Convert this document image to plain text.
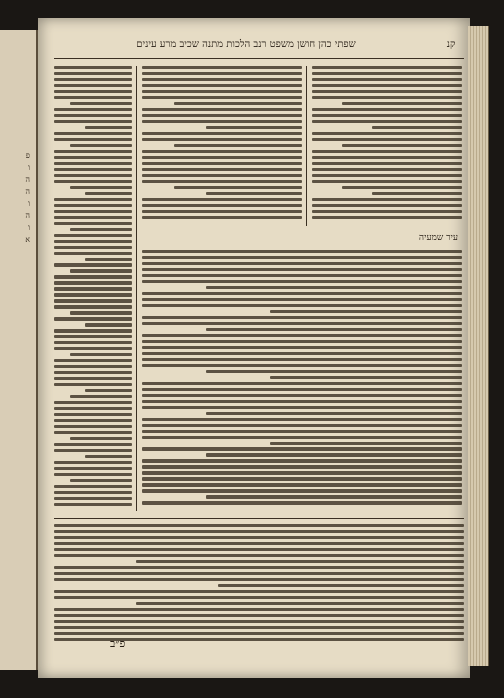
פ
ו
ה
ה
ו
ה
ו
א
קנ
שפתי כהן חושן משפט רנב הלכות מתנה שכיב מרע עינים
עיר שמעיה
פ״ב
